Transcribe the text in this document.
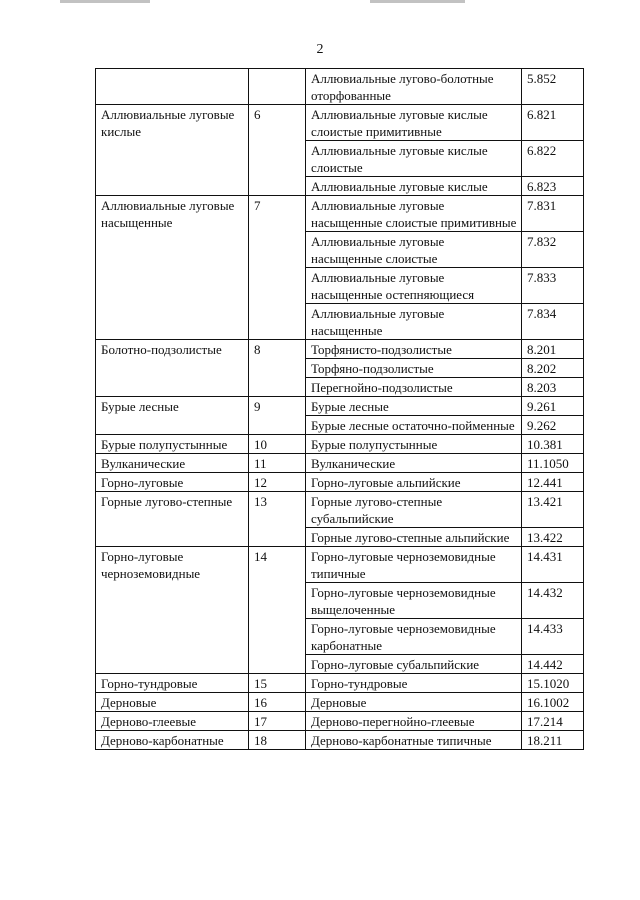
2
		Аллювиальные луговo-болотные оторфованные	5.852
Аллювиальные луговые кислые	6	Аллювиальные луговые кислые слоистые примитивные	6.821
		Аллювиальные луговые кислые слоистые	6.822
		Аллювиальные луговые кислые	6.823
Аллювиальные луговые насыщенные	7	Аллювиальные луговые насыщенные слоистые примитивные	7.831
		Аллювиальные луговые насыщенные слоистые	7.832
		Аллювиальные луговые насыщенные остепняющиеся	7.833
		Аллювиальные луговые насыщенные	7.834
Болотно-подзолистые	8	Торфянисто-подзолистые	8.201
		Торфяно-подзолистые	8.202
		Перегнойно-подзолистые	8.203
Бурые лесные	9	Бурые лесные	9.261
		Бурые лесные остаточно-пойменные	9.262
Бурые полупустынные	10	Бурые полупустынные	10.381
Вулканические	11	Вулканические	11.1050
Горно-луговые	12	Горно-луговые альпийские	12.441
Горные луговo-степные	13	Горные лугово-степные субальпийские	13.421
		Горные лугово-степные альпийские	13.422
Горно-луговые черноземовидные	14	Горно-луговые черноземовидные типичные	14.431
		Горно-луговые черноземовидные выщелоченные	14.432
		Горно-луговые черноземовидные карбонатные	14.433
		Горно-луговые субальпийские	14.442
Горно-тундровые	15	Горно-тундровые	15.1020
Дерновые	16	Дерновые	16.1002
Дерново-глеевые	17	Дерново-перегнойно-глеевые	17.214
Дерново-карбонатные	18	Дерново-карбонатные типичные	18.211
